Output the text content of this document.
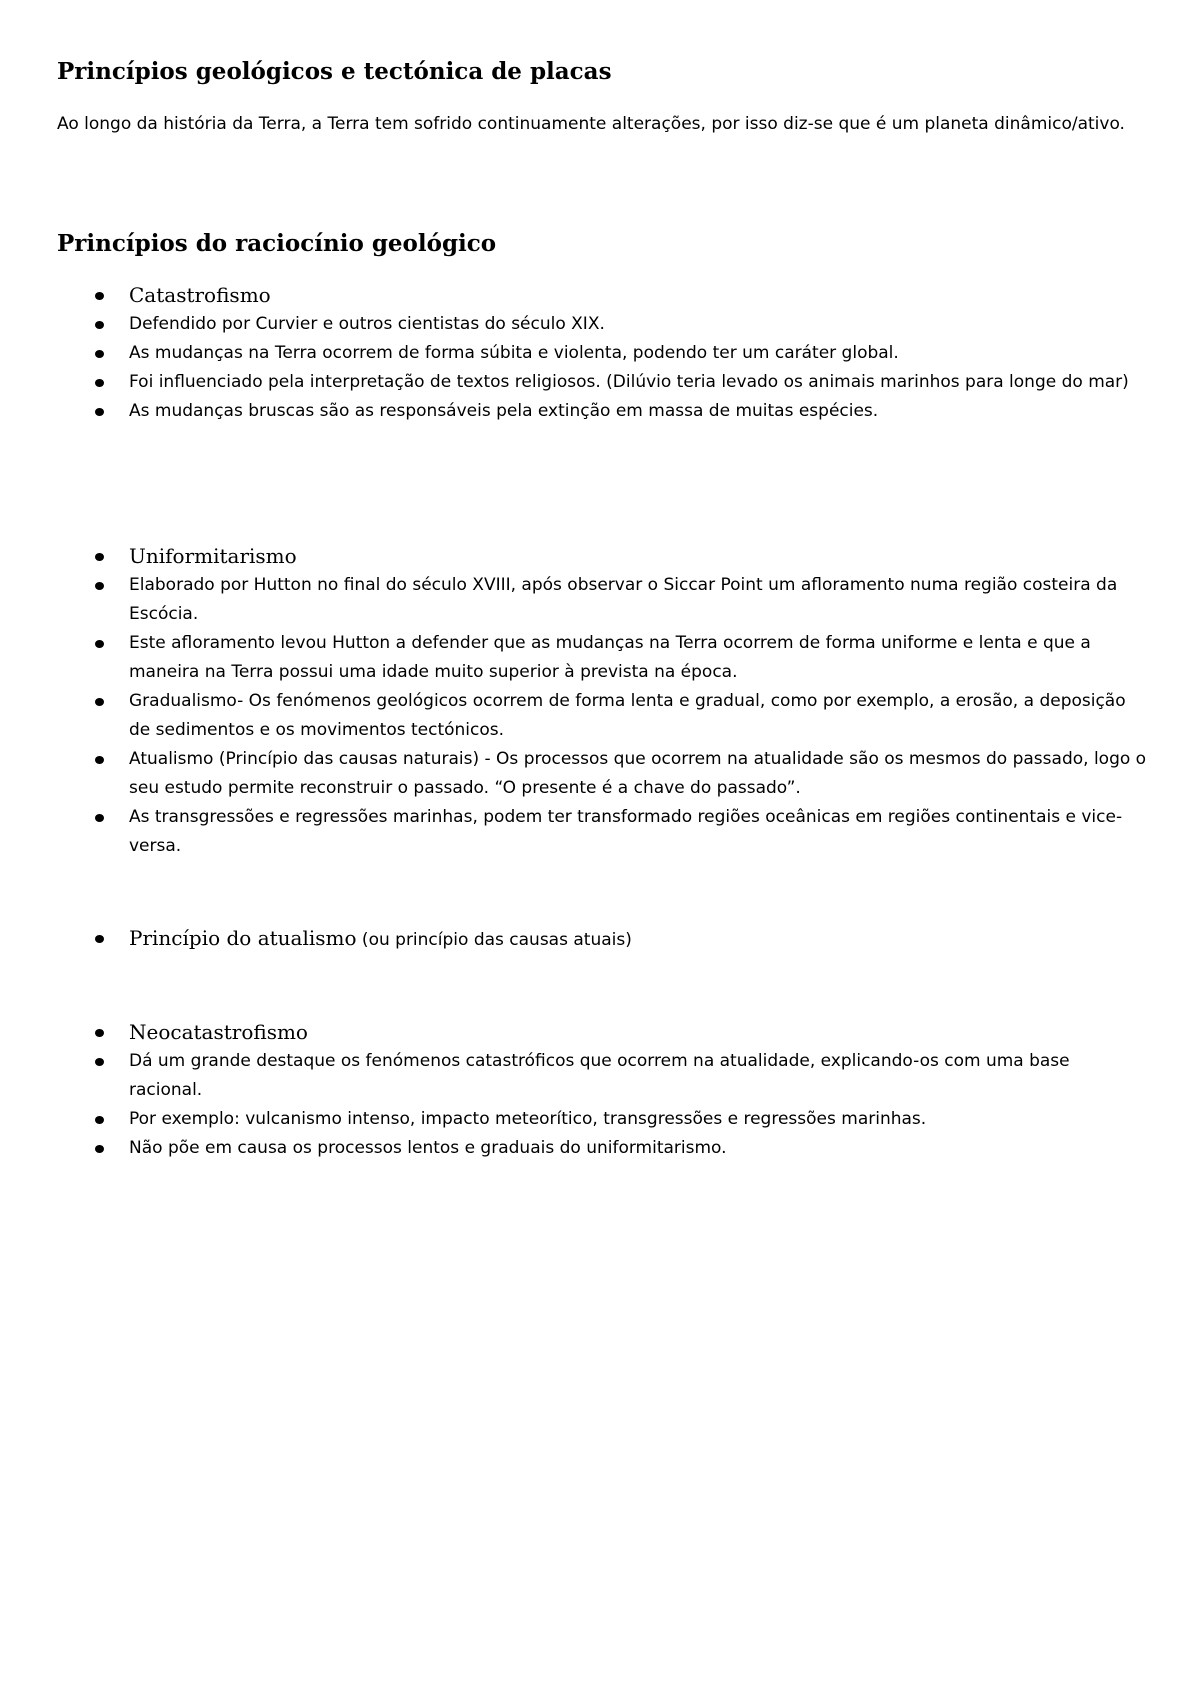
Princípios geológicos e tectónica de placas

Ao longo da história da Terra, a Terra tem sofrido continuamente alterações, por isso diz-se que é um planeta dinâmico/ativo.

Princípios do raciocínio geológico
Catastrofismo
Defendido por Curvier e outros cientistas do século XIX.
As mudanças na Terra ocorrem de forma súbita e violenta, podendo ter um caráter global.
Foi influenciado pela interpretação de textos religiosos. (Dilúvio teria levado os animais marinhos para longe do mar)
As mudanças bruscas são as responsáveis pela extinção em massa de muitas espécies.
Uniformitarismo
Elaborado por Hutton no final do século XVIII, após observar o Siccar Point um afloramento numa região costeira da Escócia.
Este afloramento levou Hutton a defender que as mudanças na Terra ocorrem de forma uniforme e lenta e que a maneira na Terra possui uma idade muito superior à prevista na época.
Gradualismo- Os fenómenos geológicos ocorrem de forma lenta e gradual, como por exemplo, a erosão, a deposição de sedimentos e os movimentos tectónicos.
Atualismo (Princípio das causas naturais) - Os processos que ocorrem na atualidade são os mesmos do passado, logo o seu estudo permite reconstruir o passado. “O presente é a chave do passado”.
As transgressões e regressões marinhas, podem ter transformado regiões oceânicas em regiões continentais e vice-versa.
Princípio do atualismo (ou princípio das causas atuais)
Neocatastrofismo
Dá um grande destaque os fenómenos catastróficos que ocorrem na atualidade, explicando-os com uma base racional.
Por exemplo: vulcanismo intenso, impacto meteorítico, transgressões e regressões marinhas.
Não põe em causa os processos lentos e graduais do uniformitarismo.
